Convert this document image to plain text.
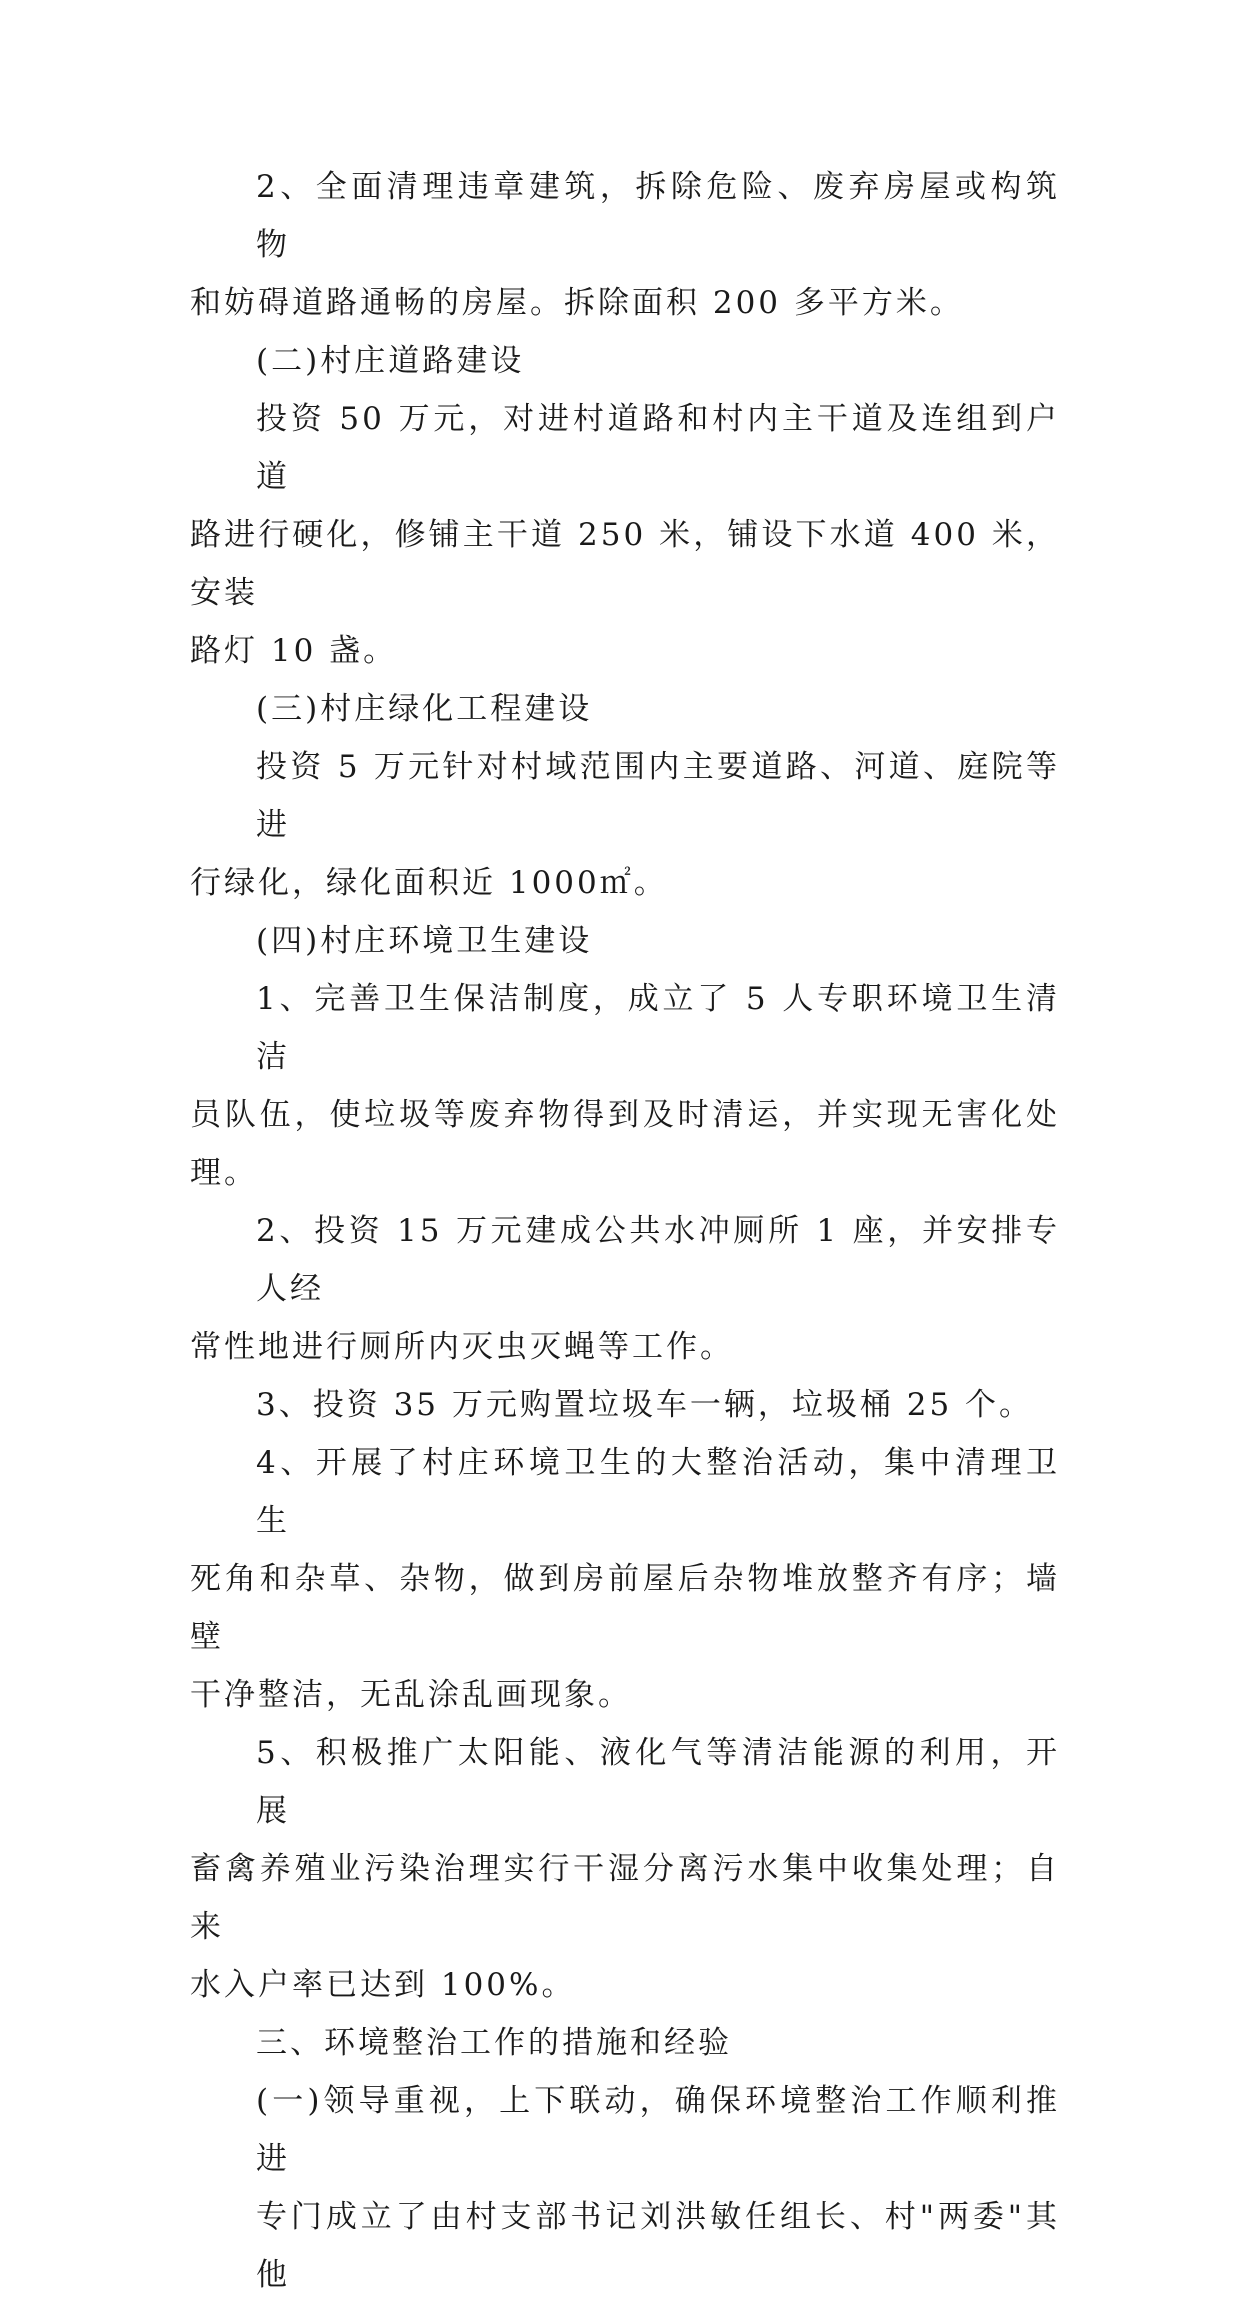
2、全面清理违章建筑，拆除危险、废弃房屋或构筑物
和妨碍道路通畅的房屋。拆除面积 200 多平方米。
(二)村庄道路建设
投资 50 万元，对进村道路和村内主干道及连组到户道
路进行硬化，修铺主干道 250 米，铺设下水道 400 米，安装
路灯 10 盏。
(三)村庄绿化工程建设
投资 5 万元针对村域范围内主要道路、河道、庭院等进
行绿化，绿化面积近 1000㎡。
(四)村庄环境卫生建设
1、完善卫生保洁制度，成立了 5 人专职环境卫生清洁
员队伍，使垃圾等废弃物得到及时清运，并实现无害化处理。
2、投资 15 万元建成公共水冲厕所 1 座，并安排专人经
常性地进行厕所内灭虫灭蝇等工作。
3、投资 35 万元购置垃圾车一辆，垃圾桶 25 个。
4、开展了村庄环境卫生的大整治活动，集中清理卫生
死角和杂草、杂物，做到房前屋后杂物堆放整齐有序；墙壁
干净整洁，无乱涂乱画现象。
5、积极推广太阳能、液化气等清洁能源的利用，开展
畜禽养殖业污染治理实行干湿分离污水集中收集处理；自来
水入户率已达到 100%。
三、环境整治工作的措施和经验
(一)领导重视，上下联动，确保环境整治工作顺利推进
专门成立了由村支部书记刘洪敏任组长、村"两委"其他
